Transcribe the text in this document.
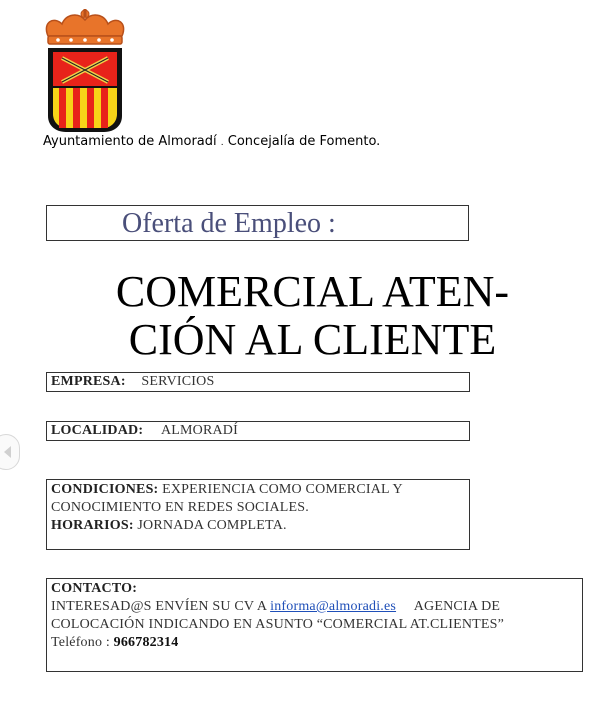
Ayuntamiento de Almoradí . Concejalía de Fomento.
Oferta de Empleo :
COMERCIAL ATEN-
CIÓN AL CLIENTE
EMPRESA: SERVICIOS
LOCALIDAD: ALMORADÍ
CONDICIONES: EXPERIENCIA COMO COMERCIAL Y
CONOCIMIENTO EN REDES SOCIALES.
HORARIOS: JORNADA COMPLETA.
CONTACTO:
INTERESAD@S ENVÍEN SU CV A informa@almoradi.es AGENCIA DE
COLOCACIÓN INDICANDO EN ASUNTO “COMERCIAL AT.CLIENTES”
Teléfono : 966782314
